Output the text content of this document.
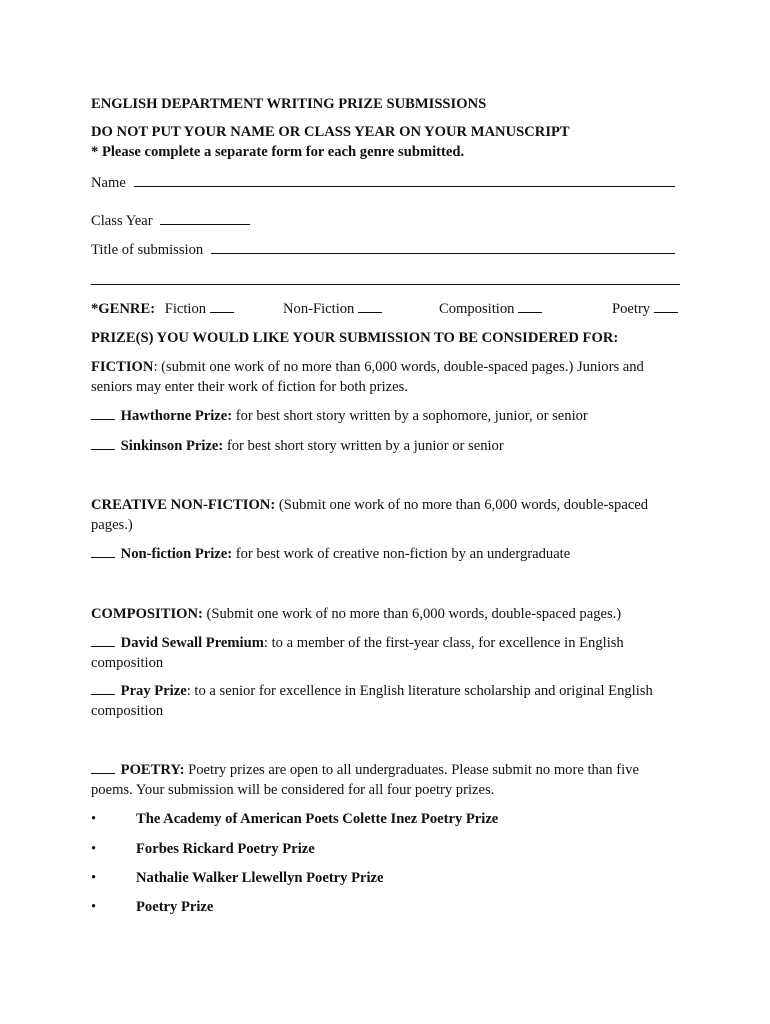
ENGLISH DEPARTMENT WRITING PRIZE SUBMISSIONS
DO NOT PUT YOUR NAME OR CLASS YEAR ON YOUR MANUSCRIPT
* Please complete a separate form for each genre submitted.
Name
Class Year
Title of submission
*GENRE: Fiction	Non-Fiction	Composition	Poetry
PRIZE(S) YOU WOULD LIKE YOUR SUBMISSION TO BE CONSIDERED FOR:
FICTION: (submit one work of no more than 6,000 words, double-spaced pages.) Juniors and seniors may enter their work of fiction for both prizes.
Hawthorne Prize: for best short story written by a sophomore, junior, or senior
Sinkinson Prize: for best short story written by a junior or senior
CREATIVE NON-FICTION: (Submit one work of no more than 6,000 words, double-spaced pages.)
Non-fiction Prize: for best work of creative non-fiction by an undergraduate
COMPOSITION: (Submit one work of no more than 6,000 words, double-spaced pages.)
David Sewall Premium: to a member of the first-year class, for excellence in English composition
Pray Prize: to a senior for excellence in English literature scholarship and original English composition
POETRY: Poetry prizes are open to all undergraduates. Please submit no more than five poems. Your submission will be considered for all four poetry prizes.
•	The Academy of American Poets Colette Inez Poetry Prize
•	Forbes Rickard Poetry Prize
•	Nathalie Walker Llewellyn Poetry Prize
•	Poetry Prize
